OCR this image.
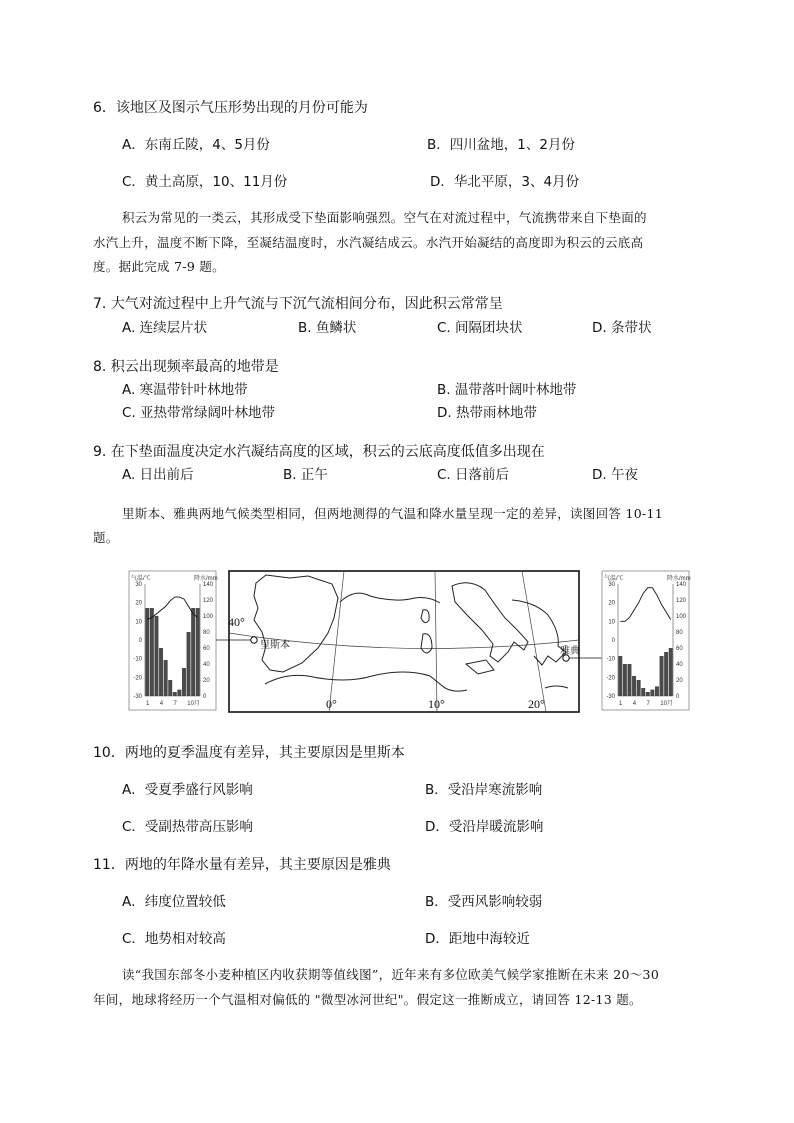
6．该地区及图示气压形势出现的月份可能为
A．东南丘陵，4、5月份	B．四川盆地，1、2月份
C．黄土高原，10、11月份	D．华北平原，3、4月份
积云为常见的一类云，其形成受下垫面影响强烈。空气在对流过程中，气流携带来自下垫面的
水汽上升，温度不断下降，至凝结温度时，水汽凝结成云。水汽开始凝结的高度即为积云的云底高
度。据此完成 7-9 题。
7. 大气对流过程中上升气流与下沉气流相间分布，因此积云常常呈
A. 连续层片状	B. 鱼鳞状	C. 间隔团块状	D. 条带状
8. 积云出现频率最高的地带是
A. 寒温带针叶林地带	B. 温带落叶阔叶林地带
C. 亚热带常绿阔叶林地带	D. 热带雨林地带
9. 在下垫面温度决定水汽凝结高度的区域，积云的云底高度低值多出现在
A. 日出前后	B. 正午	C. 日落前后	D. 午夜
里斯本、雅典两地气候类型相同，但两地测得的气温和降水量呈现一定的差异，读图回答 10-11
题。
气温/℃	降水/mm
30
20
10
0
-10
-20
-30
140
120
100
80
60
40
20
0
1 4 7 10月
里斯本
雅典
40°
0°	10°	20°
气温/℃	降水/mm
30
20
10
0
-10
-20
-30
140
120
100
80
60
40
20
0
1 4 7 10月
10．两地的夏季温度有差异，其主要原因是里斯本
A．受夏季盛行风影响	B．受沿岸寒流影响
C．受副热带高压影响	D．受沿岸暖流影响
11．两地的年降水量有差异，其主要原因是雅典
A．纬度位置较低	B．受西风影响较弱
C．地势相对较高	D．距地中海较近
读“我国东部冬小麦种植区内收获期等值线图”，近年来有多位欧美气候学家推断在未来 20～30
年间，地球将经历一个气温相对偏低的 "微型冰河世纪"。假定这一推断成立，请回答 12-13 题。
